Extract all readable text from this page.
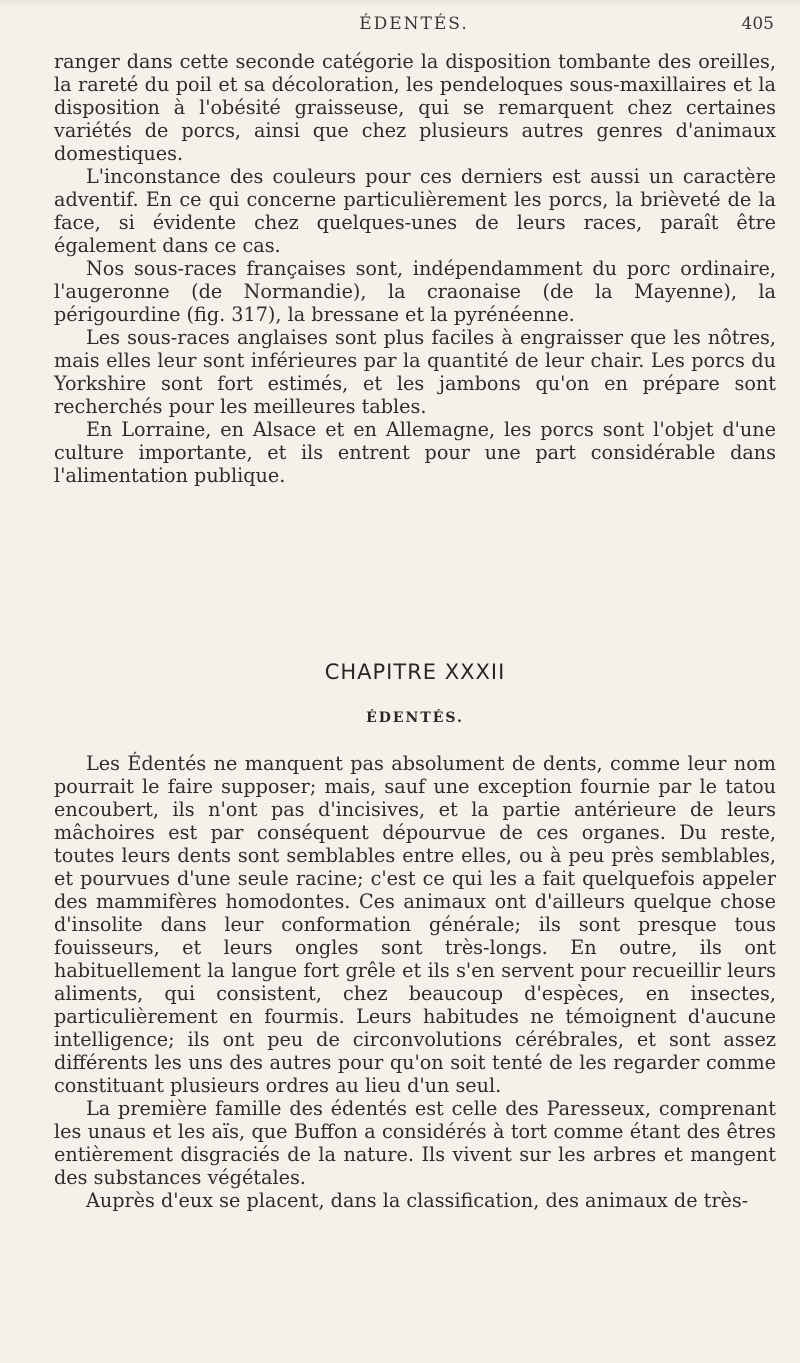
ÉDENTÉS.	405

ranger dans cette seconde catégorie la disposition tombante des oreilles, la rareté du poil et sa décoloration, les pendeloques sous-maxillaires et la disposition à l'obésité graisseuse, qui se remarquent chez certaines variétés de porcs, ainsi que chez plusieurs autres genres d'animaux domestiques.

L'inconstance des couleurs pour ces derniers est aussi un caractère adventif. En ce qui concerne particulièrement les porcs, la brièveté de la face, si évidente chez quelques-unes de leurs races, paraît être également dans ce cas.

Nos sous-races françaises sont, indépendamment du porc ordinaire, l'augeronne (de Normandie), la craonaise (de la Mayenne), la périgourdine (fig. 317), la bressane et la pyrénéenne.

Les sous-races anglaises sont plus faciles à engraisser que les nôtres, mais elles leur sont inférieures par la quantité de leur chair. Les porcs du Yorkshire sont fort estimés, et les jambons qu'on en prépare sont recherchés pour les meilleures tables.

En Lorraine, en Alsace et en Allemagne, les porcs sont l'objet d'une culture importante, et ils entrent pour une part considérable dans l'alimentation publique.

CHAPITRE XXXII
ÉDENTÉS.

Les Édentés ne manquent pas absolument de dents, comme leur nom pourrait le faire supposer; mais, sauf une exception fournie par le tatou encoubert, ils n'ont pas d'incisives, et la partie antérieure de leurs mâchoires est par conséquent dépourvue de ces organes. Du reste, toutes leurs dents sont semblables entre elles, ou à peu près semblables, et pourvues d'une seule racine; c'est ce qui les a fait quelquefois appeler des mammifères homodontes. Ces animaux ont d'ailleurs quelque chose d'insolite dans leur conformation générale; ils sont presque tous fouisseurs, et leurs ongles sont très-longs. En outre, ils ont habituellement la langue fort grêle et ils s'en servent pour recueillir leurs aliments, qui consistent, chez beaucoup d'espèces, en insectes, particulièrement en fourmis. Leurs habitudes ne témoignent d'aucune intelligence; ils ont peu de circonvolutions cérébrales, et sont assez différents les uns des autres pour qu'on soit tenté de les regarder comme constituant plusieurs ordres au lieu d'un seul.

La première famille des édentés est celle des Paresseux, comprenant les unaus et les aïs, que Buffon a considérés à tort comme étant des êtres entièrement disgraciés de la nature. Ils vivent sur les arbres et mangent des substances végétales.

Auprès d'eux se placent, dans la classification, des animaux de très-
